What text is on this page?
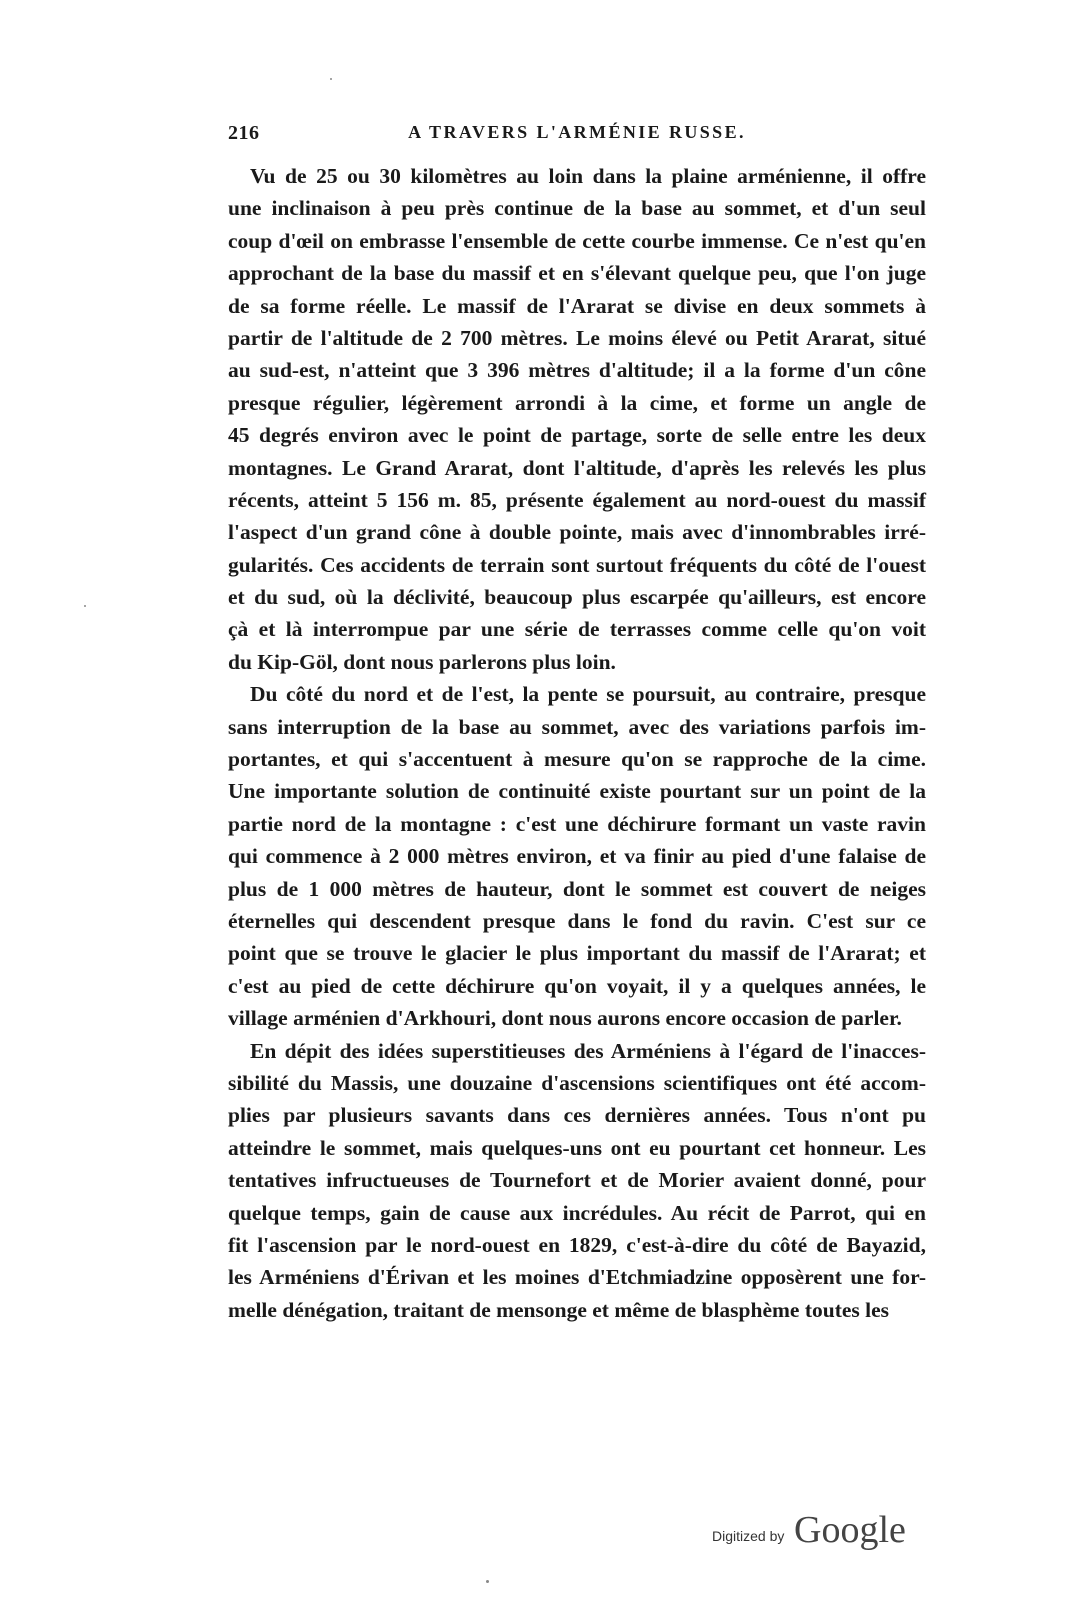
216	A TRAVERS L'ARMÉNIE RUSSE.
Vu de 25 ou 30 kilomètres au loin dans la plaine arménienne, il offre
une inclinaison à peu près continue de la base au sommet, et d'un seul
coup d'œil on embrasse l'ensemble de cette courbe immense. Ce n'est qu'en
approchant de la base du massif et en s'élevant quelque peu, que l'on juge
de sa forme réelle. Le massif de l'Ararat se divise en deux sommets à
partir de l'altitude de 2 700 mètres. Le moins élevé ou Petit Ararat, situé
au sud-est, n'atteint que 3 396 mètres d'altitude; il a la forme d'un cône
presque régulier, légèrement arrondi à la cime, et forme un angle de
45 degrés environ avec le point de partage, sorte de selle entre les deux
montagnes. Le Grand Ararat, dont l'altitude, d'après les relevés les plus
récents, atteint 5 156 m. 85, présente également au nord-ouest du massif
l'aspect d'un grand cône à double pointe, mais avec d'innombrables irré-
gularités. Ces accidents de terrain sont surtout fréquents du côté de l'ouest
et du sud, où la déclivité, beaucoup plus escarpée qu'ailleurs, est encore
çà et là interrompue par une série de terrasses comme celle qu'on voit
du Kip-Göl, dont nous parlerons plus loin.
Du côté du nord et de l'est, la pente se poursuit, au contraire, presque
sans interruption de la base au sommet, avec des variations parfois im-
portantes, et qui s'accentuent à mesure qu'on se rapproche de la cime.
Une importante solution de continuité existe pourtant sur un point de la
partie nord de la montagne : c'est une déchirure formant un vaste ravin
qui commence à 2 000 mètres environ, et va finir au pied d'une falaise de
plus de 1 000 mètres de hauteur, dont le sommet est couvert de neiges
éternelles qui descendent presque dans le fond du ravin. C'est sur ce
point que se trouve le glacier le plus important du massif de l'Ararat; et
c'est au pied de cette déchirure qu'on voyait, il y a quelques années, le
village arménien d'Arkhouri, dont nous aurons encore occasion de parler.
En dépit des idées superstitieuses des Arméniens à l'égard de l'inacces-
sibilité du Massis, une douzaine d'ascensions scientifiques ont été accom-
plies par plusieurs savants dans ces dernières années. Tous n'ont pu
atteindre le sommet, mais quelques-uns ont eu pourtant cet honneur. Les
tentatives infructueuses de Tournefort et de Morier avaient donné, pour
quelque temps, gain de cause aux incrédules. Au récit de Parrot, qui en
fit l'ascension par le nord-ouest en 1829, c'est-à-dire du côté de Bayazid,
les Arméniens d'Érivan et les moines d'Etchmiadzine opposèrent une for-
melle dénégation, traitant de mensonge et même de blasphème toutes les
Digitized by Google
